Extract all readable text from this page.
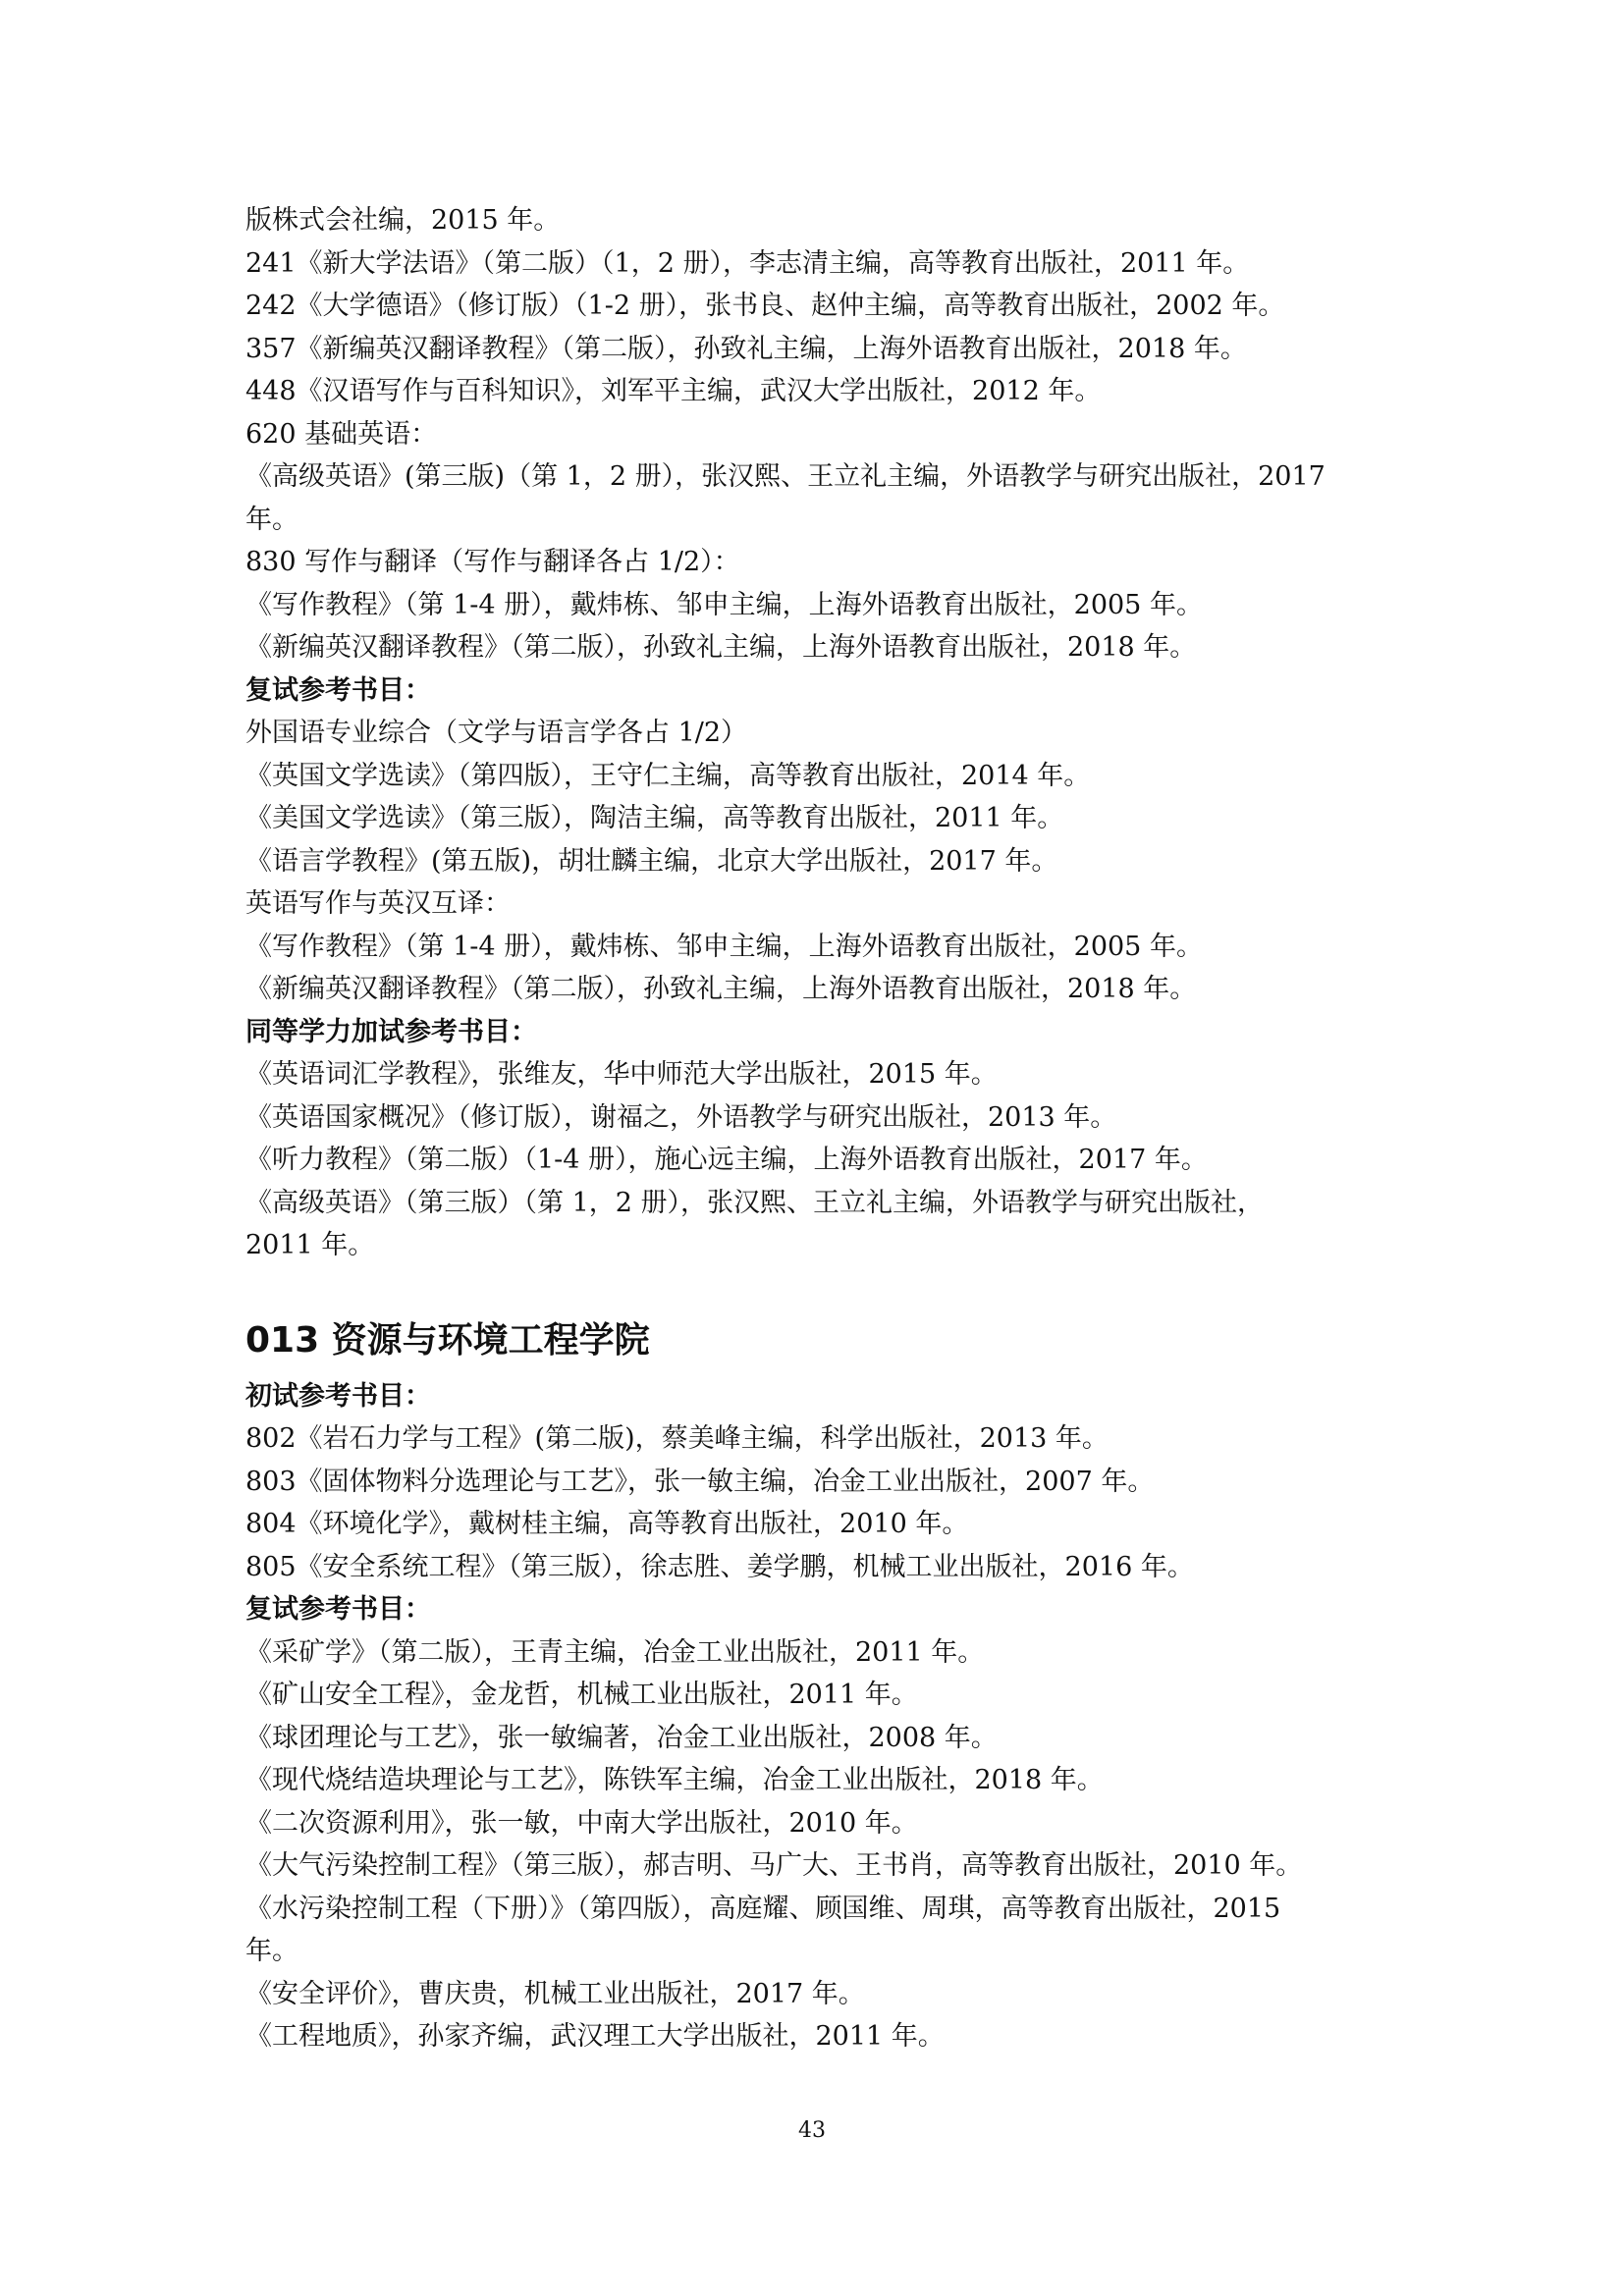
版株式会社编，2015 年。
241《新大学法语》（第二版）（1，2 册），李志清主编，高等教育出版社，2011 年。
242《大学德语》（修订版）（1-2 册），张书良、赵仲主编，高等教育出版社，2002 年。
357《新编英汉翻译教程》（第二版），孙致礼主编，上海外语教育出版社，2018 年。
448《汉语写作与百科知识》，刘军平主编，武汉大学出版社，2012 年。
620 基础英语：
《高级英语》(第三版)（第 1，2 册），张汉熙、王立礼主编，外语教学与研究出版社，2017
年。
830 写作与翻译（写作与翻译各占 1/2）：
《写作教程》（第 1-4 册），戴炜栋、邹申主编，上海外语教育出版社，2005 年。
《新编英汉翻译教程》（第二版），孙致礼主编，上海外语教育出版社，2018 年。
复试参考书目：
外国语专业综合（文学与语言学各占 1/2）
《英国文学选读》（第四版），王守仁主编，高等教育出版社，2014 年。
《美国文学选读》（第三版），陶洁主编，高等教育出版社，2011 年。
《语言学教程》(第五版)，胡壮麟主编，北京大学出版社，2017 年。
英语写作与英汉互译：
《写作教程》（第 1-4 册），戴炜栋、邹申主编，上海外语教育出版社，2005 年。
《新编英汉翻译教程》（第二版），孙致礼主编，上海外语教育出版社，2018 年。
同等学力加试参考书目：
《英语词汇学教程》，张维友，华中师范大学出版社，2015 年。
《英语国家概况》（修订版），谢福之，外语教学与研究出版社，2013 年。
《听力教程》（第二版）（1-4 册），施心远主编，上海外语教育出版社，2017 年。
《高级英语》（第三版）（第 1，2 册），张汉熙、王立礼主编，外语教学与研究出版社，
2011 年。
013 资源与环境工程学院
初试参考书目：
802《岩石力学与工程》(第二版)，蔡美峰主编，科学出版社，2013 年。
803《固体物料分选理论与工艺》，张一敏主编，冶金工业出版社，2007 年。
804《环境化学》，戴树桂主编，高等教育出版社，2010 年。
805《安全系统工程》（第三版），徐志胜、姜学鹏，机械工业出版社，2016 年。
复试参考书目：
《采矿学》（第二版），王青主编，冶金工业出版社，2011 年。
《矿山安全工程》，金龙哲，机械工业出版社，2011 年。
《球团理论与工艺》，张一敏编著，冶金工业出版社，2008 年。
《现代烧结造块理论与工艺》，陈铁军主编，冶金工业出版社，2018 年。
《二次资源利用》，张一敏，中南大学出版社，2010 年。
《大气污染控制工程》（第三版），郝吉明、马广大、王书肖，高等教育出版社，2010 年。
《水污染控制工程（下册）》（第四版），高庭耀、顾国维、周琪，高等教育出版社，2015
年。
《安全评价》，曹庆贵，机械工业出版社，2017 年。
《工程地质》，孙家齐编，武汉理工大学出版社，2011 年。
43
